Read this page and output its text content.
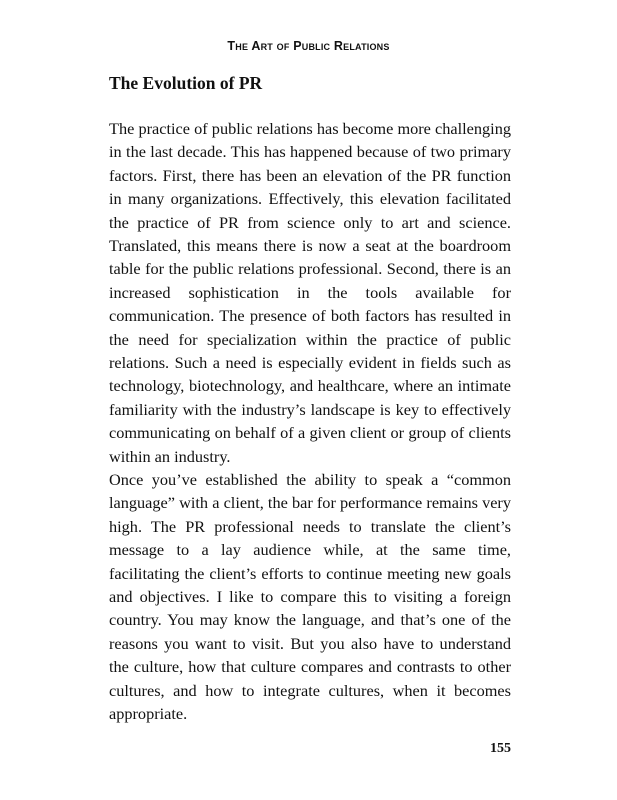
The Art of Public Relations
The Evolution of PR

The practice of public relations has become more challenging in the last decade. This has happened because of two primary factors. First, there has been an elevation of the PR function in many organizations. Effectively, this elevation facilitated the practice of PR from science only to art and science. Translated, this means there is now a seat at the boardroom table for the public relations professional. Second, there is an increased sophistication in the tools available for communication. The presence of both factors has resulted in the need for specialization within the practice of public relations. Such a need is especially evident in fields such as technology, biotechnology, and healthcare, where an intimate familiarity with the industry’s landscape is key to effectively communicating on behalf of a given client or group of clients within an industry.

Once you’ve established the ability to speak a “common language” with a client, the bar for performance remains very high. The PR professional needs to translate the client’s message to a lay audience while, at the same time, facilitating the client’s efforts to continue meeting new goals and objectives. I like to compare this to visiting a foreign country. You may know the language, and that’s one of the reasons you want to visit. But you also have to understand the culture, how that culture compares and contrasts to other cultures, and how to integrate cultures, when it becomes appropriate.

155
